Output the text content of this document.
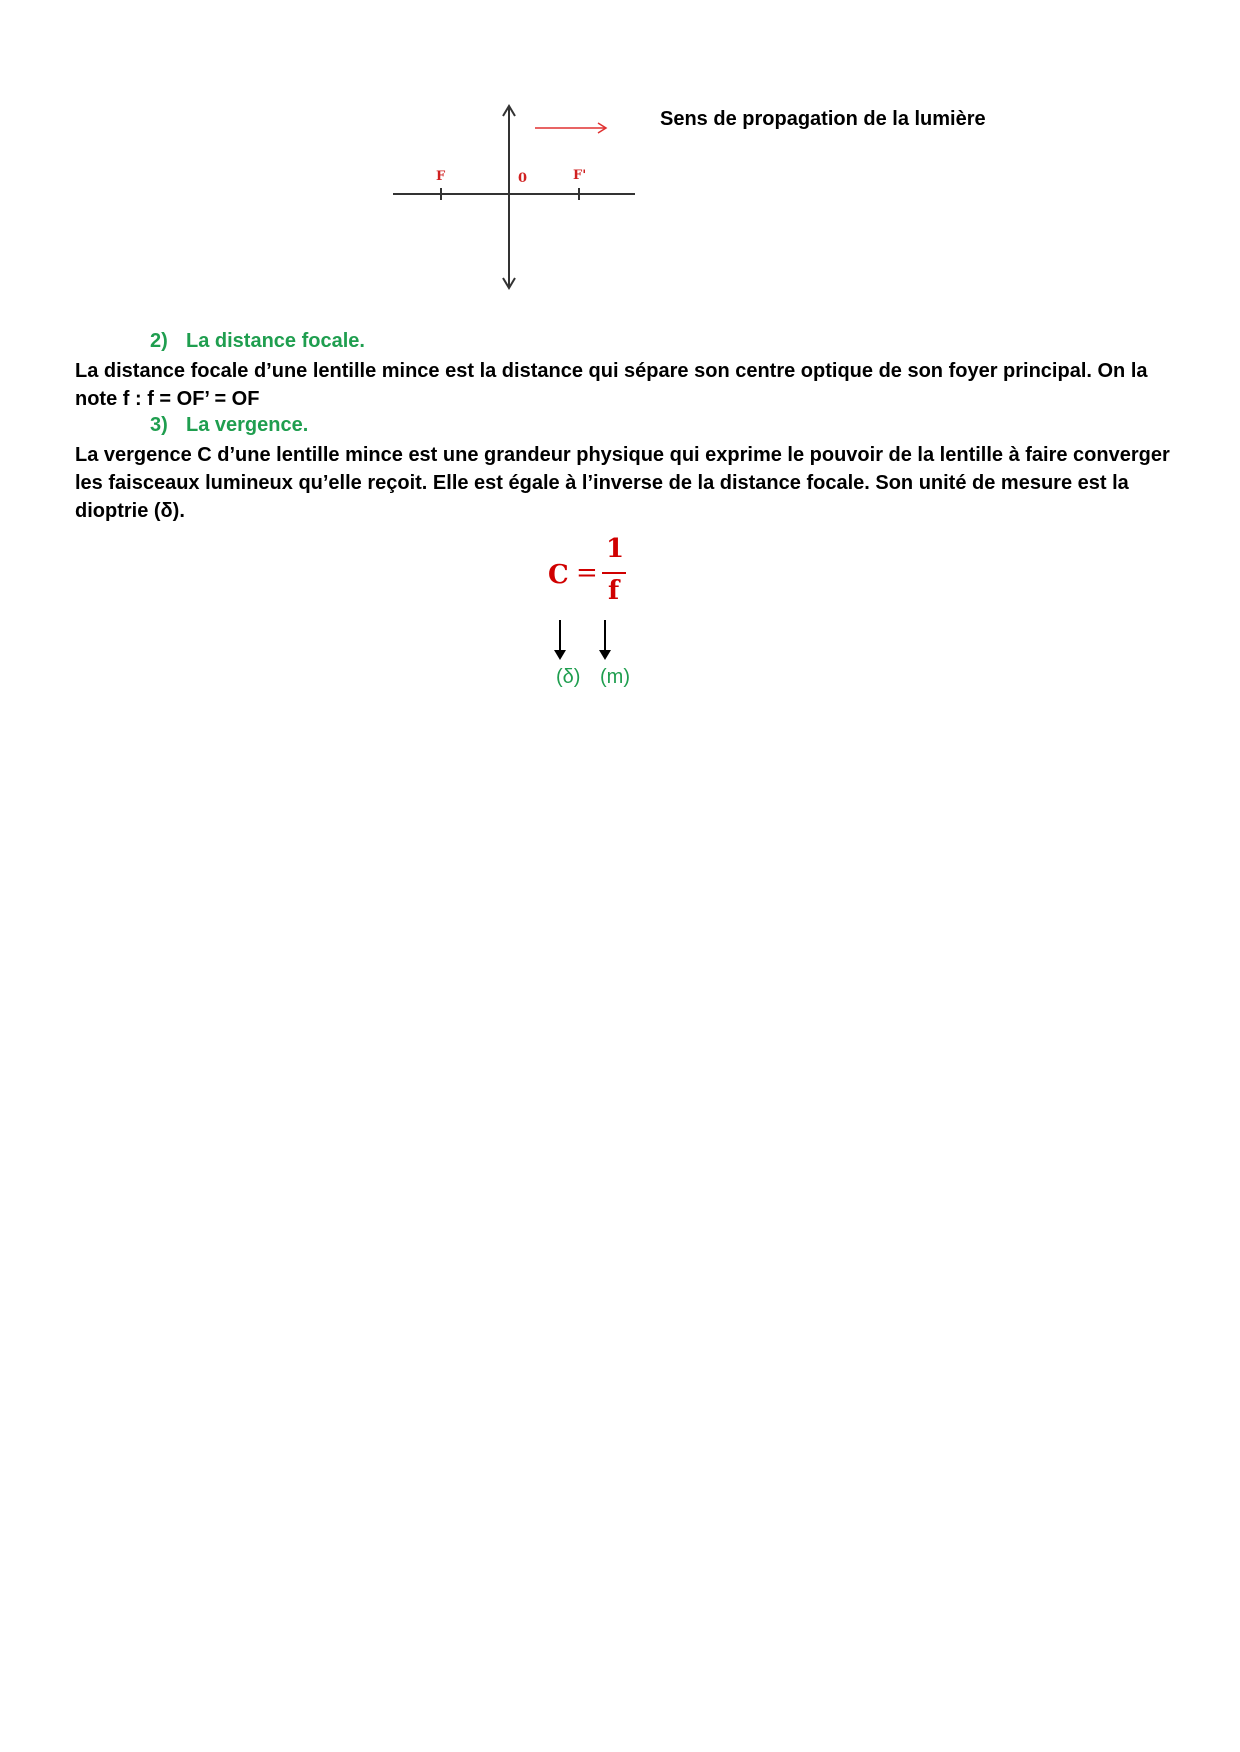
F	0	F'
Sens de propagation de la lumière
2) La distance focale.
La distance focale d’une lentille mince est la distance qui sépare son centre optique de son foyer principal. On la note f : f = OF’ = OF
3) La vergence.
La vergence C d’une lentille mince est une grandeur physique qui exprime le pouvoir de la lentille à faire converger les faisceaux lumineux qu’elle reçoit. Elle est égale à l’inverse de la distance focale. Son unité de mesure est la dioptrie (δ).
C =
1
f
(δ) (m)
